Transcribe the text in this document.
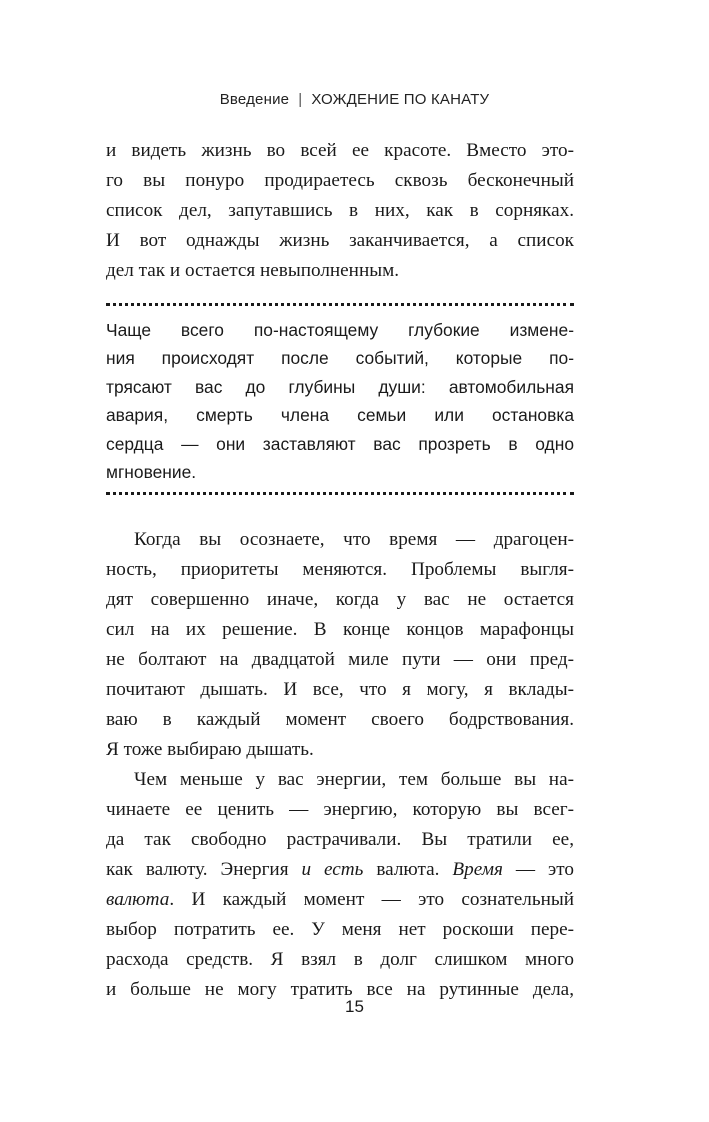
Введение | ХОЖДЕНИЕ ПО КАНАТУ
и видеть жизнь во всей ее красоте. Вместо это-
го вы понуро продираетесь сквозь бесконечный
список дел, запутавшись в них, как в сорняках.
И вот однажды жизнь заканчивается, а список
дел так и остается невыполненным.
Чаще всего по-настоящему глубокие измене-
ния происходят после событий, которые по-
трясают вас до глубины души: автомобильная
авария, смерть члена семьи или остановка
сердца — они заставляют вас прозреть в одно
мгновение.
Когда вы осознаете, что время — драгоцен-
ность, приоритеты меняются. Проблемы выгля-
дят совершенно иначе, когда у вас не остается
сил на их решение. В конце концов марафонцы
не болтают на двадцатой миле пути — они пред-
почитают дышать. И все, что я могу, я вклады-
ваю в каждый момент своего бодрствования.
Я тоже выбираю дышать.
Чем меньше у вас энергии, тем больше вы на-
чинаете ее ценить — энергию, которую вы всег-
да так свободно растрачивали. Вы тратили ее,
как валюту. Энергия и есть валюта. Время — это
валюта. И каждый момент — это сознательный
выбор потратить ее. У меня нет роскоши пере-
расхода средств. Я взял в долг слишком много
и больше не могу тратить все на рутинные дела,
15
